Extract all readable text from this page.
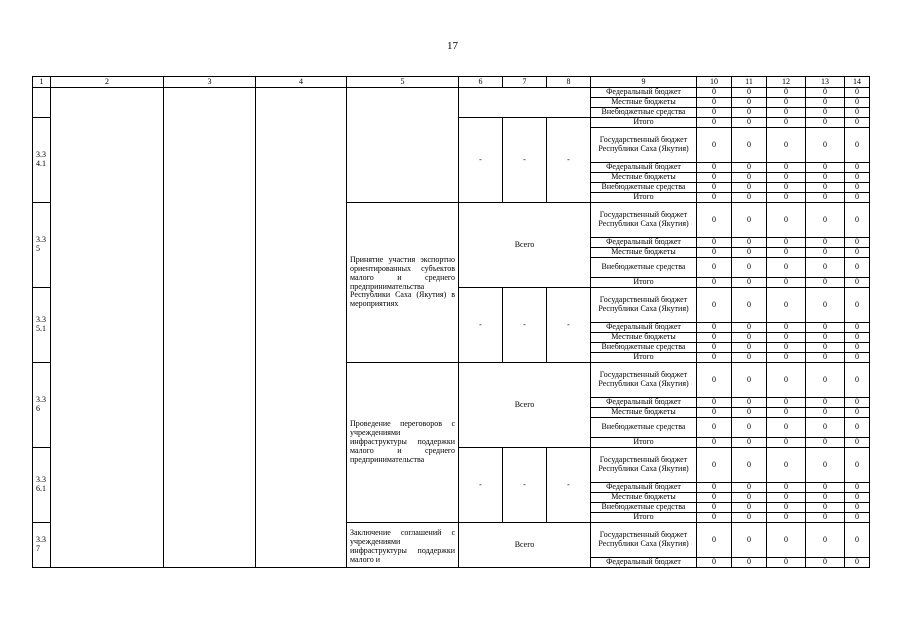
17
1	2	3	4	5	6	7	8	9	10	11	12	13	14
								Федеральный бюджет	0	0	0	0	0
								Местные бюджеты	0	0	0	0	0
								Внебюджетные средства	0	0	0	0	0
3.3
4.1					-	-	-	Итого	0	0	0	0	0
								Государственный бюджет Республики Саха (Якутия)	0	0	0	0	0
								Федеральный бюджет	0	0	0	0	0
								Местные бюджеты	0	0	0	0	0
								Внебюджетные средства	0	0	0	0	0
								Итого	0	0	0	0	0
3.3
5				Принятие участия экспортно ориентированных субъектов малого и среднего предпринимательства Республики Саха (Якутия) в мероприятиях	Всего			Государственный бюджет Республики Саха (Якутия)	0	0	0	0	0
								Федеральный бюджет	0	0	0	0	0
								Местные бюджеты	0	0	0	0	0
								Внебюджетные средства	0	0	0	0	0
								Итого	0	0	0	0	0
3.3
5.1					-	-	-	Государственный бюджет Республики Саха (Якутия)	0	0	0	0	0
								Федеральный бюджет	0	0	0	0	0
								Местные бюджеты	0	0	0	0	0
								Внебюджетные средства	0	0	0	0	0
								Итого	0	0	0	0	0
3.3
6				Проведение переговоров с учреждениями инфраструктуры поддержки малого и среднего предпринимательства	Всего			Государственный бюджет Республики Саха (Якутия)	0	0	0	0	0
								Федеральный бюджет	0	0	0	0	0
								Местные бюджеты	0	0	0	0	0
								Внебюджетные средства	0	0	0	0	0
								Итого	0	0	0	0	0
3.3
6.1					-	-	-	Государственный бюджет Республики Саха (Якутия)	0	0	0	0	0
								Федеральный бюджет	0	0	0	0	0
								Местные бюджеты	0	0	0	0	0
								Внебюджетные средства	0	0	0	0	0
								Итого	0	0	0	0	0
3.3
7				Заключение соглашений с учреждениями инфраструктуры поддержки малого и	Всего			Государственный бюджет Республики Саха (Якутия)	0	0	0	0	0
								Федеральный бюджет	0	0	0	0	0
